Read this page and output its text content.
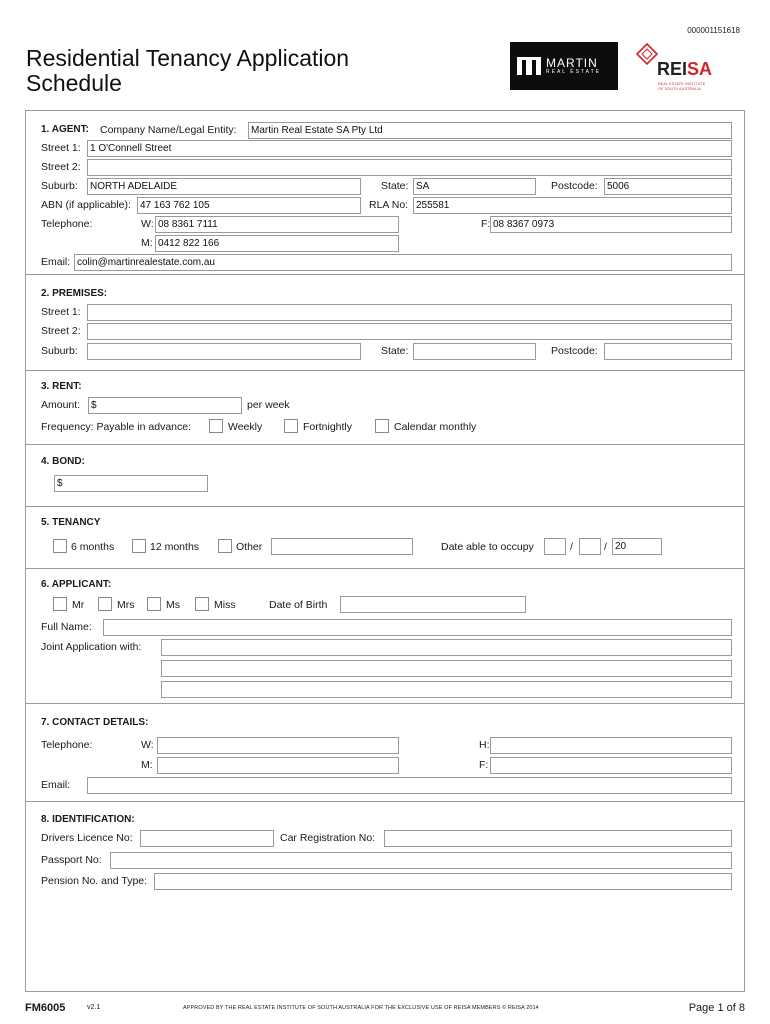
000001151618
Residential Tenancy Application
Schedule
MARTIN
REAL ESTATE	REISA
REAL ESTATE INSTITUTE
OF SOUTH AUSTRALIA
1. AGENT: Company Name/Legal Entity:	Martin Real Estate SA Pty Ltd
Street 1: 1 O'Connell Street
Street 2:
Suburb:	NORTH ADELAIDE	State: SA	Postcode: 5006
ABN (if applicable): 47 163 762 105	RLA No: 255581
Telephone:	W: 08 8361 7111	F: 08 8367 0973
M: 0412 822 166
Email: colin@martinrealestate.com.au
2. PREMISES:
Street 1:
Street 2:
Suburb:	State:	Postcode:
3. RENT:
Amount:	$	per week
Frequency: Payable in advance:	Weekly	Fortnightly	Calendar monthly
4. BOND:
$
5. TENANCY
6 months	12 months	Other	Date able to occupy	/	/ 20
6. APPLICANT:
Mr	Mrs	Ms	Miss	Date of Birth
Full Name:
Joint Application with:
7. CONTACT DETAILS:
Telephone:	W:	H:
M:	F:
Email:
8. IDENTIFICATION:
Drivers Licence No:	Car Registration No:
Passport No:
Pension No. and Type:
FM6005	v2.1	APPROVED BY THE REAL ESTATE INSTITUTE OF SOUTH AUSTRALIA FOR THE EXCLUSIVE USE OF REISA MEMBERS © REISA 2014	Page 1 of 8
